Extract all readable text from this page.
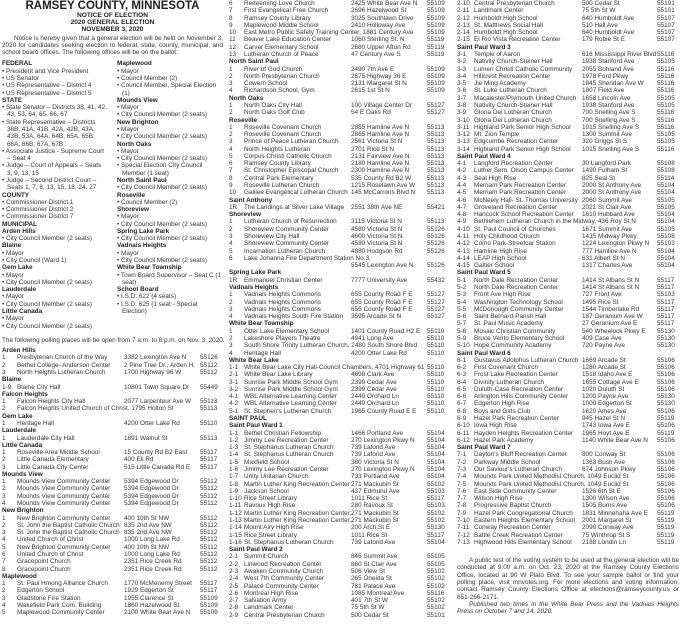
RAMSEY COUNTY, MINNESOTA
NOTICE OF ELECTION
2020 GENERAL ELECTION
NOVEMBER 3, 2020

Notice is hereby given that a general election will be held on November 3, 2020 for candidates seeking election to federal, state, county, municipal, and school board offices. The following offices will be on the ballot:

FEDERAL
• President and Vice President
• US Senator
• US Representative – District 4
• US Representative – District 5
STATE
• State Senator – Districts 38, 41, 42, 43, 53, 64, 65, 66, 67
• State Representative – Districts 38B, 41A, 41B, 42A, 42B, 43A, 43B, 53A, 64A, 64B, 65A, 65B, 66A, 66B, 67A, 67B
• Associate Justice - Supreme Court – Seat 4
• Judge – Court of Appeals – Seats 3, 9, 13, 15
• Judge – Second District Court – Seats 1, 7, 8, 13, 15, 18, 24, 27
COUNTY
• Commissioner District 1
• Commissioner District 2
• Commissioner District 7
MUNICIPAL
Arden Hills
• City Council Member (2 seats)
Blaine
• Mayor
• City Council (Ward 1)
Gem Lake
• Mayor
• City Council Member (2 seats)
Lauderdale
• Mayor
• City Council Member (2 seats)
Little Canada
• Mayor
• City Council Member (2 seats)
Maplewood
• Mayor
• Council Member (2)
• Council Member, Special Election (1)
Mounds View
• Mayor
• City Council Member (2 seats)
New Brighton
• Mayor
• City Council Member (2 seats)
North Oaks
• Mayor
• City Council Member (2 seats)
• Special Election City Council Member (1 seat)
North Saint Paul
• City Council Member (2 seats)
Roseville
• Council Member (2)
Shoreview
• Mayor
• City Council Member (2 seats)
Spring Lake Park
• City Council Member (2 seats)
Vadnais Heights
• Mayor
• City Council Member (2 seats)
White Bear Township
• Town Board Supervisor – Seat C (1 seat)
School Board
• I.S.D. 622 (4 seats)
• I.S.D. 625 (1 seat - Special Election)

The following polling places will be open from 7 a.m. to 8 p.m. on Nov. 3, 2020.

Arden Hills
1	Presbyterian Church of the Way	3382 Lexington Ave N	55126
2	Bethel College- Anderson Center	2 Pine Tree Dr., Arden H. 55112
3	North Heights Lutheran Church	1700 Highway 96 W	55112
Blaine
1-9 Blaine City Hall	10801 Town Square Dr	55449
Falcon Heights
1	Falcon Heights City Hall	2077 Larpenteur Ave W	55113
2	Falcon Heights United Church of Christ, 1795 Holton St	55113
Gem Lake
1	Heritage Hall	4200 Otter Lake Rd	55110
Lauderdale
1	Lauderdale City Hall	1891 Walnut St	55113
Little Canada
1	Roseville Area Middle School	15 County Rd B2 East	55117
2	Little Canada Elementary	400 Eli Rd	55117
3	Little Canada City Center	515 Little Canada Rd E	55117
Mounds View
1	Mounds View Community Center	5394 Edgewood Dr	55112
2	Mounds View Community Center	5394 Edgewood Dr	55112
3	Mounds View Community Center	5394 Edgewood Dr	55112
4	Mounds View Community Center	5394 Edgewood Dr	55112
New Brighton
1	New Brighton Community Center	400 10th St NW	55112
2	St. John the Baptist Catholic Church 835 2nd Ave NW	55112
3	St. John the Baptist Catholic Church 835 2nd Ave NW	55112
4	United Church of Christ	1000 Long Lake Rd	55112
5	New Brighton Community Center	400 10th St NW	55112
6	United Church of Christ	1000 Long Lake Rd	55112
7	Gracepoint Church	2351 Rice Creek Rd	55112
8	Gracepoint Church	2351 Rice Creek Rd	55112
Maplewood
1	St. Paul Hmong Alliance Church	1770 McMenemy Street	55117
2	Edgerton School	1929 Edgerton St	55117
3	Gladstone Fire Station	1955 Clarence St	55109
4	Wakefield Park Com. Building	1860 Hazelwood St	55109
5	Maplewood Community Center	2100 White Bear Ave N	55109
6	Redeeming Love Church	2425 White Bear Ave N	55109
7	First Evangelical Free Church	2696 Hazelwood St	55109
8	Ramsey County Library	3025 Southlawn Drive	55109
9	Maplewood Middle School	2410 Holloway Ave	55109
10	East Metro Public Safety Training Center, 1881 Century Ave	55109
11	Beaver Lake Education Center	1060 Sterling St. N	55119
12	Carver Elementary School	2680 Upper Afton Rd	55119
13	Lutheran Church of Peace	47 Century Ave S	55119
North Saint Paul
1	River of God Church	2490 7th Ave E	55109
2	North Presbyterian Church	2675 Highway 36 E	55109
3	Cowern School	2131 Margaret St N	55109
4	Richardson School, Gym	2615 1st St N	55109
North Oaks
1	North Oaks City Hall	100 Village Center Dr	55127
2	North Oaks Golf Club	54 E Oaks Rd	55127
Roseville
1	Roseville Covenant Church	2865 Hamline Ave N	55113
2	Roseville Covenant Church	2865 Hamline Ave N	55113
3	Prince of Peace Lutheran Church	2561 Victoria St N	55113
4	North Heights Lutheran	2701 Rice St N	55113
5	Corpus Christi Catholic Church	2131 Fairview Ave N	55113
6	Ramsey County Library	2180 Hamline Ave N	55113
7	St. Christopher Episcopal Church	2300 Hamline Ave N	55113
8	Central Park Elementary	535 County Rd B2 W	55113
9	Roseville Lutheran Church	1215 Roselawn Ave W	55113
10	Galilee Evangelical Lutheran Church 145 McCarrons Blvd N	55113
Saint Anthony
1R	The Landings at Silver Lake Village	2551 38th Ave NE	55421
Shoreview
1	Lutheran Church of Resurrection	3115 Victoria St N	55113
2	Shoreview Community Center	4580 Victoria St N	55126
3	Shoreview City Hall	4600 Victoria St N	55126
4	Shoreview Community Center	4580 Victoria St N	55126
5	Incarnation Lutheran Church	4880 Hodgson Rd	55126
6	Lake Johanna Fire Department Station No.3,
5545 Lexington Ave N	55126
Spring Lake Park
1R	Emmanuel Christian Center	7777 University Ave	55432
Vadnais Heights
1	Vadnais Heights Commons	655 County Road F E	55127
2	Vadnais Heights Commons	655 County Road F E	55127
3	Vadnais Heights Commons	655 County Road F E	55127
4	Vadnais Heights South Fire Station	3595 Arcade St N	55127
White Bear Township
1	Otter Lake Elementary School	1401 County Road H2 E	55110
2	Lakeshore Players Theatre	4941 Long Ave	55110
3	South Shore Trinity Lutheran Church, 2480 South Shore Blvd	55110
4	Heritage Hall	4200 Otter Lake Rd	55110
White Bear Lake
1-1 White Bear Lake City Hall-Council Chambers, 4701 Highway 61 55110
2-1 White Bear Lake Library	4698 Clark Ave	55110
3-1 Sunrise Park Middle School Gym	2399 Cedar Ave	55110
3-2 Sunrise Park Middle School Gym	2399 Cedar Ave	55110
4-1 WBL Alternative Learning Center	2449 Orchard Ln	55110
4-2 WBL Alternative Learning Center	2449 Orchard Ln	55110
5-1 St. Stephen's Lutheran Church	1965 County Road E E	55110
SAINT PAUL
Saint Paul Ward 1
1-1 Bethel Christian Fellowship	1466 Portland Ave	55104
1-2 Jimmy Lee Recreation Center	270 Lexington Pkwy N	55104
1-3 St. Stephanus Lutheran Church	739 Lafond Ave	55104
1-4 St. Stephanus Lutheran Church	739 Lafond Ave	55104
1-5 Maxfield School	380 Victoria St N	55104
1-6 Jimmy Lee Recreation Center	270 Lexington Pkwy N	55104
1-7 Unity Unitarian Church	733 Portland Ave	55104
1-8 Martin Luther King Recreation Center 271 Mackubin St	55102
1-9 Jackson School	437 Edmund Ave	55103
1-10 Rice Street Library	1011 Rice St	55117
1-11 Ravoux High Rise	280 Ravoux St	55103
1-12 Martin Luther King Recreation Center, 271 Mackubin St	55102
1-13 Martin Luther King Recreation Center, 271 Mackubin St	55102
1-14 Mount Airy High Rise	200 Arch St E	55130
1-15 Rice Street Library	1011 Rice St	55117
1-16 St. Stephanus Lutheran Church	739 Lafond Ave	55104
Saint Paul Ward 2
2-1 Summit Church	845 Summit Ave	55105
2-2 Linwood Recreation Center	860 St Clair Ave	55105
2-3 Awaken Community Church	506 View St	55102
2-4 West 7th Community Center	265 Oneida St	55102
2-5 Palace Community Center	781 Palace Ave	55102
2-6 Montreal High Rise	1085 Montreal Ave	55116
2-7 Salvation Army	401 7th St W	55102
2-8 Landmark Center	75 5th St W	55102
2-9 Central Presbyterian Church	500 Cedar St	55101
2-10 Central Presbyterian Church	500 Cedar St	55101
2-11 Landmark Center	75 5th St W	55101
2-12 Humboldt High School	640 Humboldt Ave	55107
2-13 St. Matthews Social Hall	510 Hall Ave	55107
2-14 Humboldt High School	640 Humboldt Ave	55107
2-15 El Rio Vista Recreation Center	179 Robie St E	55107
Saint Paul Ward 3
3-1	Temple of Aaron	616 Mississippi River Blvd 55116
3-2	Nativity Church-Steiner Hall	1938 Stanford Ave	55105
3-3	Lumen Christi Catholic Community	2055 Bohland Ave	55116
3-4	Hillcrest Recreation Center	1978 Ford Pkwy	55116
3-5	Jie Ming Academy	1845 Sheridan Ave W	55116
3-6	St. Luke Lutheran Church	1807 Field Ave	55116
3-7	Macalester/Plymouth United Church 1658 Lincoln Ave	55105
3-8	Nativity Church-Steiner Hall	1938 Stanford Ave	55105
3-9	Gloria Dei Lutheran Church	700 Snelling Ave S	55116
3-10 Gloria Dei Lutheran Church	700 Snelling Ave S	55116
3-11 Highland Park Senior High School	1015 Snelling Ave S	55116
3-12 Mt. Zion Temple	1300 Summit Ave	55105
3-13 Edgcumbe Recreation Center	320 Griggs St S	55105
3-14 Highland Park Senior High School	1015 Snelling Ave S	55116
Saint Paul Ward 4
4-1	Langford Recreation Center	30 Langford Park	55108
4-2	Luther Sem. Olson Campus Center	1490 Fulham St	55108
4-3	Seal High Rise	825 Seal St	55114
4-4	Merriam Park Recreation Center	2000 St Anthony Ave	55104
4-5	Merriam Park Recreation Center	2000 St Anthony Ave	55104
4-6	McNeely Hall- St. Thomas University 2060 Summit Ave	55105
4-7	Groveland Recreation Center	2021 St Clair Ave	55105
4-8	Hancock School Recreation Center	1610 Hubbard Ave	55104
4-9	Bethlehem Lutheran Church in the Midway, 436 Roy St N	55104
4-10 St. Paul Council of Churches	1671 Summit Ave	55105
4-11 Holy Childhood Church	1435 Midway Pkwy	55108
4-12 Como Park-Streetcar Station	1224 Lexington Pkwy N	55103
4-13 Hamline High Rise	777 Hamline Ave N	55104
4-14 LEAP High School	631 Albert St N	55104
4-15 Galtier School	1317 Charles Ave	55104
Saint Paul Ward 5
5-1	North Dale Recreation Center	1414 St Albans St N	55117
5-2	North Dale Recreation Center	1414 St Albans St N	55117
5-3	Front Ave High Rise	727 Front Ave	55103
5-4	Washington Technology School	1495 Rice St	55117
5-5	McDonough Community Center	1544 Timberlake Rd	55117
5-6	Saint Bernard-Parish Hall	187 Geranium Ave W	55117
5-7	St. Paul Music Academy	27 Geranium Ave E	55117
5-8	Mosaic Christian Community	540 Wheelock Pkwy E	55130
5-9	Bruce Vento Elementary School	409 Case Ave	55130
5-10 Hope Community Academy	720 Payne Ave	55130
Saint Paul Ward 6
6-1	Gustavus Adolphus Lutheran Church 1669 Arcade St	55106
6-2	First Covenant Church	1280 Arcade St	55106
6-3	Frost Lake Recreation Center	1518 Idaho Ave E	55106
6-4	Divinity Lutheran Church	1655 Cottage Ave E	55106
6-5	Duluth-Case Recreation Center	1020 Duluth St	55106
6-6	Arlington Hills Community Center	1200 Payne Ave	55130
6-7	Edgerton High Rise	1000 Edgerton St	55130
6-8	Boys and Girls Club	1620 Ames Ave	55106
6-9	Hazel Park Recreation Center	945 Hazel St N	55119
6-10 Iowa High Rise	1743 Iowa Ave E	55106
6-11 Hayden Heights Recreation Center	1965 Hoyt Ave E	55119
6-12 Hazel Park Academy	1140 White Bear Ave N	55106
Saint Paul Ward 7
7-1	Dayton's Bluff Recreation Center	800 Conway St	55106
7-2	Parkway Middle School	1363 Bush Ave	55106
7-3	Our Saviour's Lutheran Church	674 Johnson Pkwy	55106
7-4	Mounds Park United Methodist Church, 1049 Euclid St	55106
7-5	Mounds Park United Methodist Church, 1049 Euclid St	55106
7-6	East Side Community Center	1526 6th St E	55106
7-7	Wilson High Rise	1300 Wilson Ave	55106
7-8	Progressive Baptist Church	1505 Burns Ave	55106
7-9	Hazel Park Congregational Church	1831 Minnehaha Ave E	55119
7-10 Eastern Heights Elementary School	2001 Margaret St	55119
7-11 Conway Recreation Center	2090 Conway Ave	55119
7-12 Battle Creek Recreation Center	75 Winthrop St S	55119
7-13 Highwood Hills Elementary School	2188 Londin Ln	55119

A public test of the voting system to be used at the general election will be conducted at 9:00 a.m. on Oct. 23, 2020 at the Ramsey County Elections Office, located at 90 W Plato Blvd. To see your sample ballot or find your polling place, visit mnvotes.org. For more elections and voting information, contact Ramsey County Elections Office at elections@ramseycounty.us or 651-266-2171.

Published two times in the White Bear Press and the Vadnais Heights Press on October 7 and 14, 2020.
